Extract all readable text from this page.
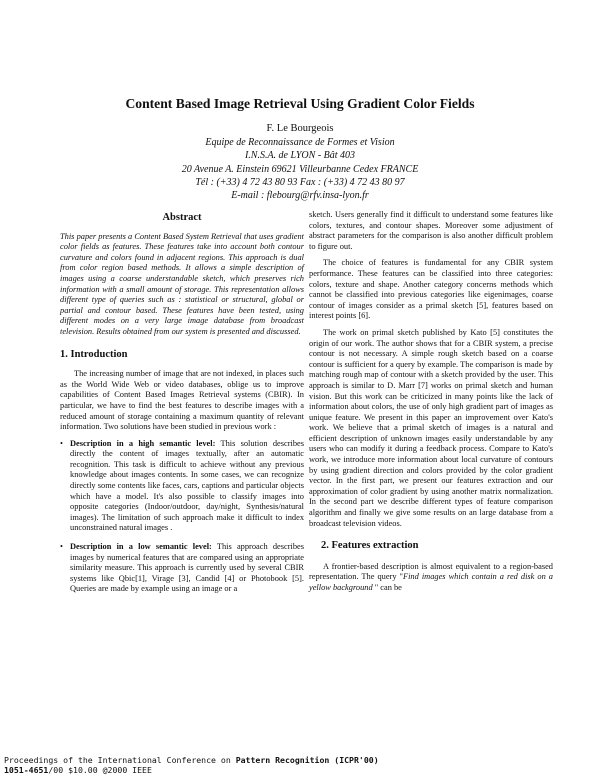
Content Based Image Retrieval Using Gradient Color Fields
F. Le Bourgeois
Equipe de Reconnaissance de Formes et Vision
I.N.S.A. de LYON - Bât 403
20 Avenue A. Einstein 69621 Villeurbanne Cedex FRANCE
Tél : (+33) 4 72 43 80 93 Fax : (+33) 4 72 43 80 97
E-mail : flebourg@rfv.insa-lyon.fr
Abstract

This paper presents a Content Based System Retrieval that uses gradient color fields as features. These features take into account both contour curvature and colors found in adjacent regions. This approach is dual from color region based methods. It allows a simple description of images using a coarse understandable sketch, which preserves rich information with a small amount of storage. This representation allows different type of queries such as : statistical or structural, global or partial and contour based. These features have been tested, using different modes on a very large image database from broadcast television. Results obtained from our system is presented and discussed.

1. Introduction

The increasing number of image that are not indexed, in places such as the World Wide Web or video databases, oblige us to improve capabilities of Content Based Images Retrieval systems (CBIR). In particular, we have to find the best features to describe images with a reduced amount of storage containing a maximum quantity of relevant information. Two solutions have been studied in previous work :

• Description in a high semantic level: This solution describes directly the content of images textually, after an automatic recognition. This task is difficult to achieve without any previous knowledge about images contents. In some cases, we can recognize directly some contents like faces, cars, captions and particular objects which have a model. It's also possible to classify images into opposite categories (Indoor/outdoor, day/night, Synthesis/natural images). The limitation of such approach make it difficult to index unconstrained natural images .
• Description in a low semantic level: This approach describes images by numerical features that are compared using an appropriate similarity measure. This approach is currently used by several CBIR systems like Qbic[1], Virage [3], Candid [4] or Photobook [5]. Queries are made by example using an image or a

sketch. Users generally find it difficult to understand some features like colors, textures, and contour shapes. Moreover some adjustment of abstract parameters for the comparison is also another difficult problem to figure out.

The choice of features is fundamental for any CBIR system performance. These features can be classified into three categories: colors, texture and shape. Another category concerns methods which cannot be classified into previous categories like eigenimages, coarse contour of images consider as a primal sketch [5], features based on interest points [6].

The work on primal sketch published by Kato [5] constitutes the origin of our work. The author shows that for a CBIR system, a precise contour is not necessary. A simple rough sketch based on a coarse contour is sufficient for a query by example. The comparison is made by matching rough map of contour with a sketch provided by the user. This approach is similar to D. Marr [7] works on primal sketch and human vision. But this work can be criticized in many points like the lack of information about colors, the use of only high gradient part of images as unique feature. We present in this paper an improvement over Kato's work. We believe that a primal sketch of images is a natural and efficient description of unknown images easily understandable by any users who can modify it during a feedback process. Compare to Kato's work, we introduce more information about local curvature of contours by using gradient direction and colors provided by the color gradient vector. In the first part, we present our features extraction and our approximation of color gradient by using another matrix normalization. In the second part we describe different types of feature comparison algorithm and finally we give some results on an large database from a broadcast television videos.

2. Features extraction

A frontier-based description is almost equivalent to a region-based representation. The query "Find images which contain a red disk on a yellow background " can be

Proceedings of the International Conference on Pattern Recognition (ICPR'00)
1051-4651/00 $10.00 @2000 IEEE
